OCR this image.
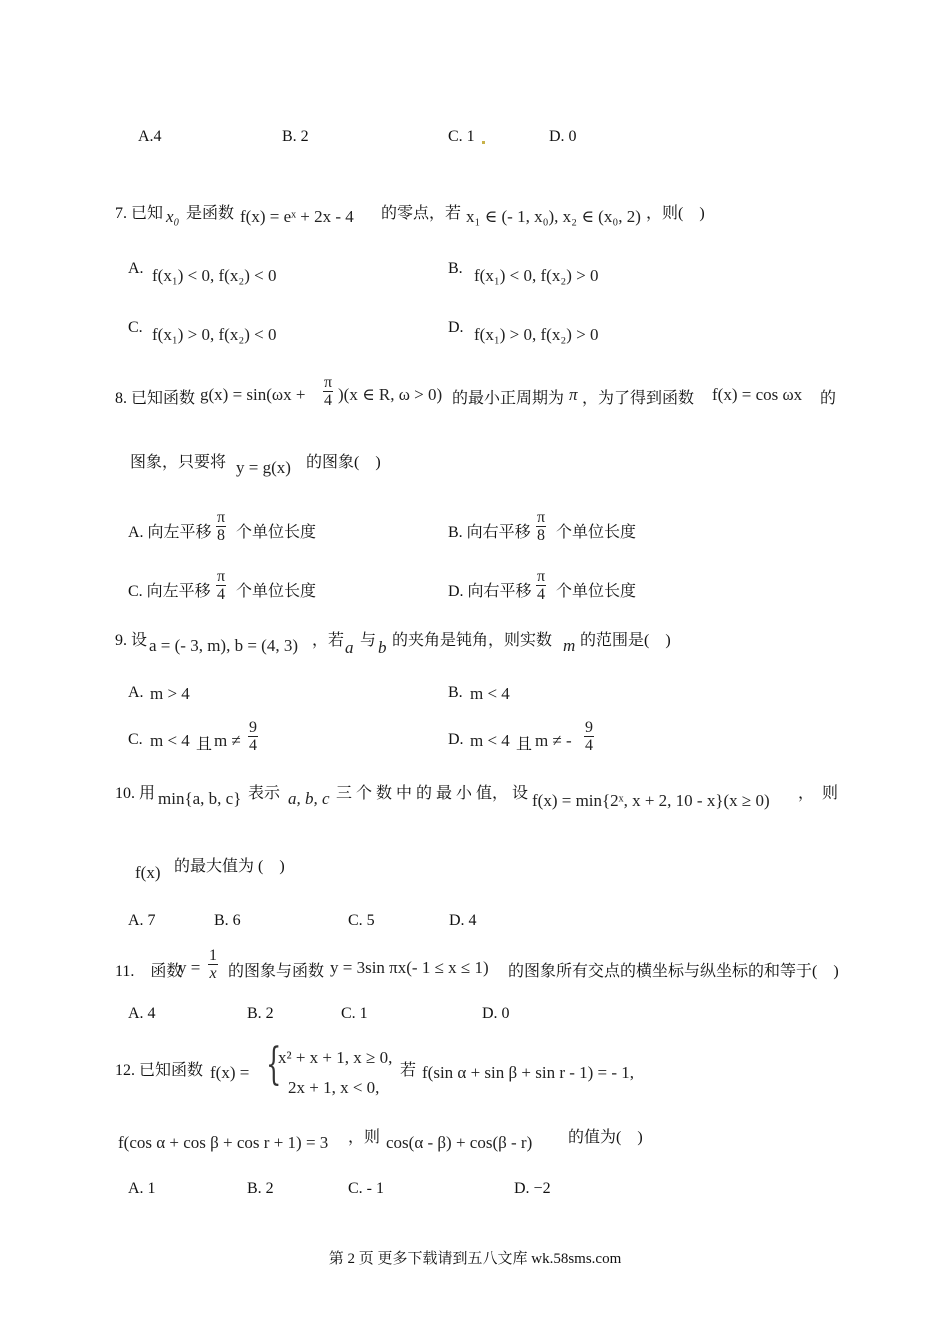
A.4	B. 2	C. 1	D. 0
7. 已知 x₀ 是函数 f(x) = eˣ + 2x - 4 的零点，若 x₁ ∈ (- 1, x₀), x₂ ∈ (x₀, 2) ，则(　)
A. f(x₁) < 0, f(x₂) < 0	B. f(x₁) < 0, f(x₂) > 0
C. f(x₁) > 0, f(x₂) < 0	D. f(x₁) > 0, f(x₂) > 0
8. 已知函数 $g(x) = \sin(\omega x + \frac{\pi}{4} )(x$ ∈ R, ω > 0) 的最小正周期为 π ，为了得到函数 f(x) = cos ωx 的
图象，只要将 y = g(x) 的图象(　)
A. 向左平移 $\frac{\pi}{8}$ 个单位长度	B. 向右平移 $\frac{\pi}{8}$ 个单位长度
C. 向左平移 $\frac{\pi}{4}$ 个单位长度	D. 向右平移 $\frac{\pi}{4}$ 个单位长度
9. 设 a = (- 3, m), b = (4, 3) ，若 a 与 b 的夹角是钝角，则实数 m 的范围是(　)
A. m > 4	B. m < 4
C. m < 4 且 $m \ne \frac{9}{4}$	D. m < 4 且 m ≠ - $\frac{9}{4}$
10. 用 min{a, b, c} 表示 a, b, c 三 个 数 中 的 最 小 值， 设 f(x) = min{2ˣ, x + 2, 10 - x}(x ≥ 0) ，　则
f(x) 的最大值为 (　)
A. 7	B. 6	C. 5	D. 4
11.　函数
$y = \frac{1}{x}$ 的图象与函数 y = 3sin πx(- 1 ≤ x ≤ 1) 的图象所有交点的横坐标与纵坐标的和等于(　)
A. 4	B. 2	C. 1	D. 0
12. 已知函数 f(x) = {
x² + x + 1, x ≥ 0,
2x + 1, x < 0,
若 f(sin α + sin β + sin r - 1) = - 1,
f(cos α + cos β + cos r + 1) = 3 ，则 cos(α - β) + cos(β - r) 的值为(　)
A. 1	B. 2	C. - 1	D. −2
第 2 页 更多下载请到五八文库 wk.58sms.com
